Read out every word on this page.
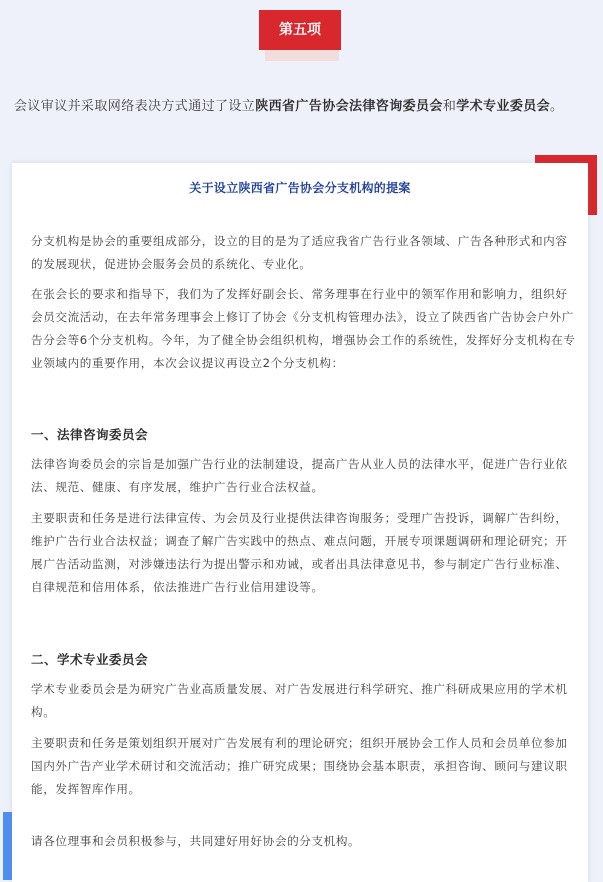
第五项
会议审议并采取网络表决方式通过了设立陕西省广告协会法律咨询委员会和学术专业委员会。
关于设立陕西省广告协会分支机构的提案

分支机构是协会的重要组成部分，设立的目的是为了适应我省广告行业各领域、广告各种形式和内容的发展现状，促进协会服务会员的系统化、专业化。

在张会长的要求和指导下，我们为了发挥好副会长、常务理事在行业中的领军作用和影响力，组织好会员交流活动，在去年常务理事会上修订了协会《分支机构管理办法》，设立了陕西省广告协会户外广告分会等6个分支机构。今年，为了健全协会组织机构，增强协会工作的系统性，发挥好分支机构在专业领域内的重要作用，本次会议提议再设立2个分支机构：

一、法律咨询委员会

法律咨询委员会的宗旨是加强广告行业的法制建设，提高广告从业人员的法律水平，促进广告行业依法、规范、健康、有序发展，维护广告行业合法权益。

主要职责和任务是进行法律宣传、为会员及行业提供法律咨询服务；受理广告投诉，调解广告纠纷，维护广告行业合法权益；调查了解广告实践中的热点、难点问题，开展专项课题调研和理论研究；开展广告活动监测，对涉嫌违法行为提出警示和劝诫，或者出具法律意见书，参与制定广告行业标准、自律规范和信用体系，依法推进广告行业信用建设等。

二、学术专业委员会

学术专业委员会是为研究广告业高质量发展、对广告发展进行科学研究、推广科研成果应用的学术机构。

主要职责和任务是策划组织开展对广告发展有利的理论研究；组织开展协会工作人员和会员单位参加国内外广告产业学术研讨和交流活动；推广研究成果；围绕协会基本职责，承担咨询、顾问与建议职能，发挥智库作用。

请各位理事和会员积极参与，共同建好用好协会的分支机构。
